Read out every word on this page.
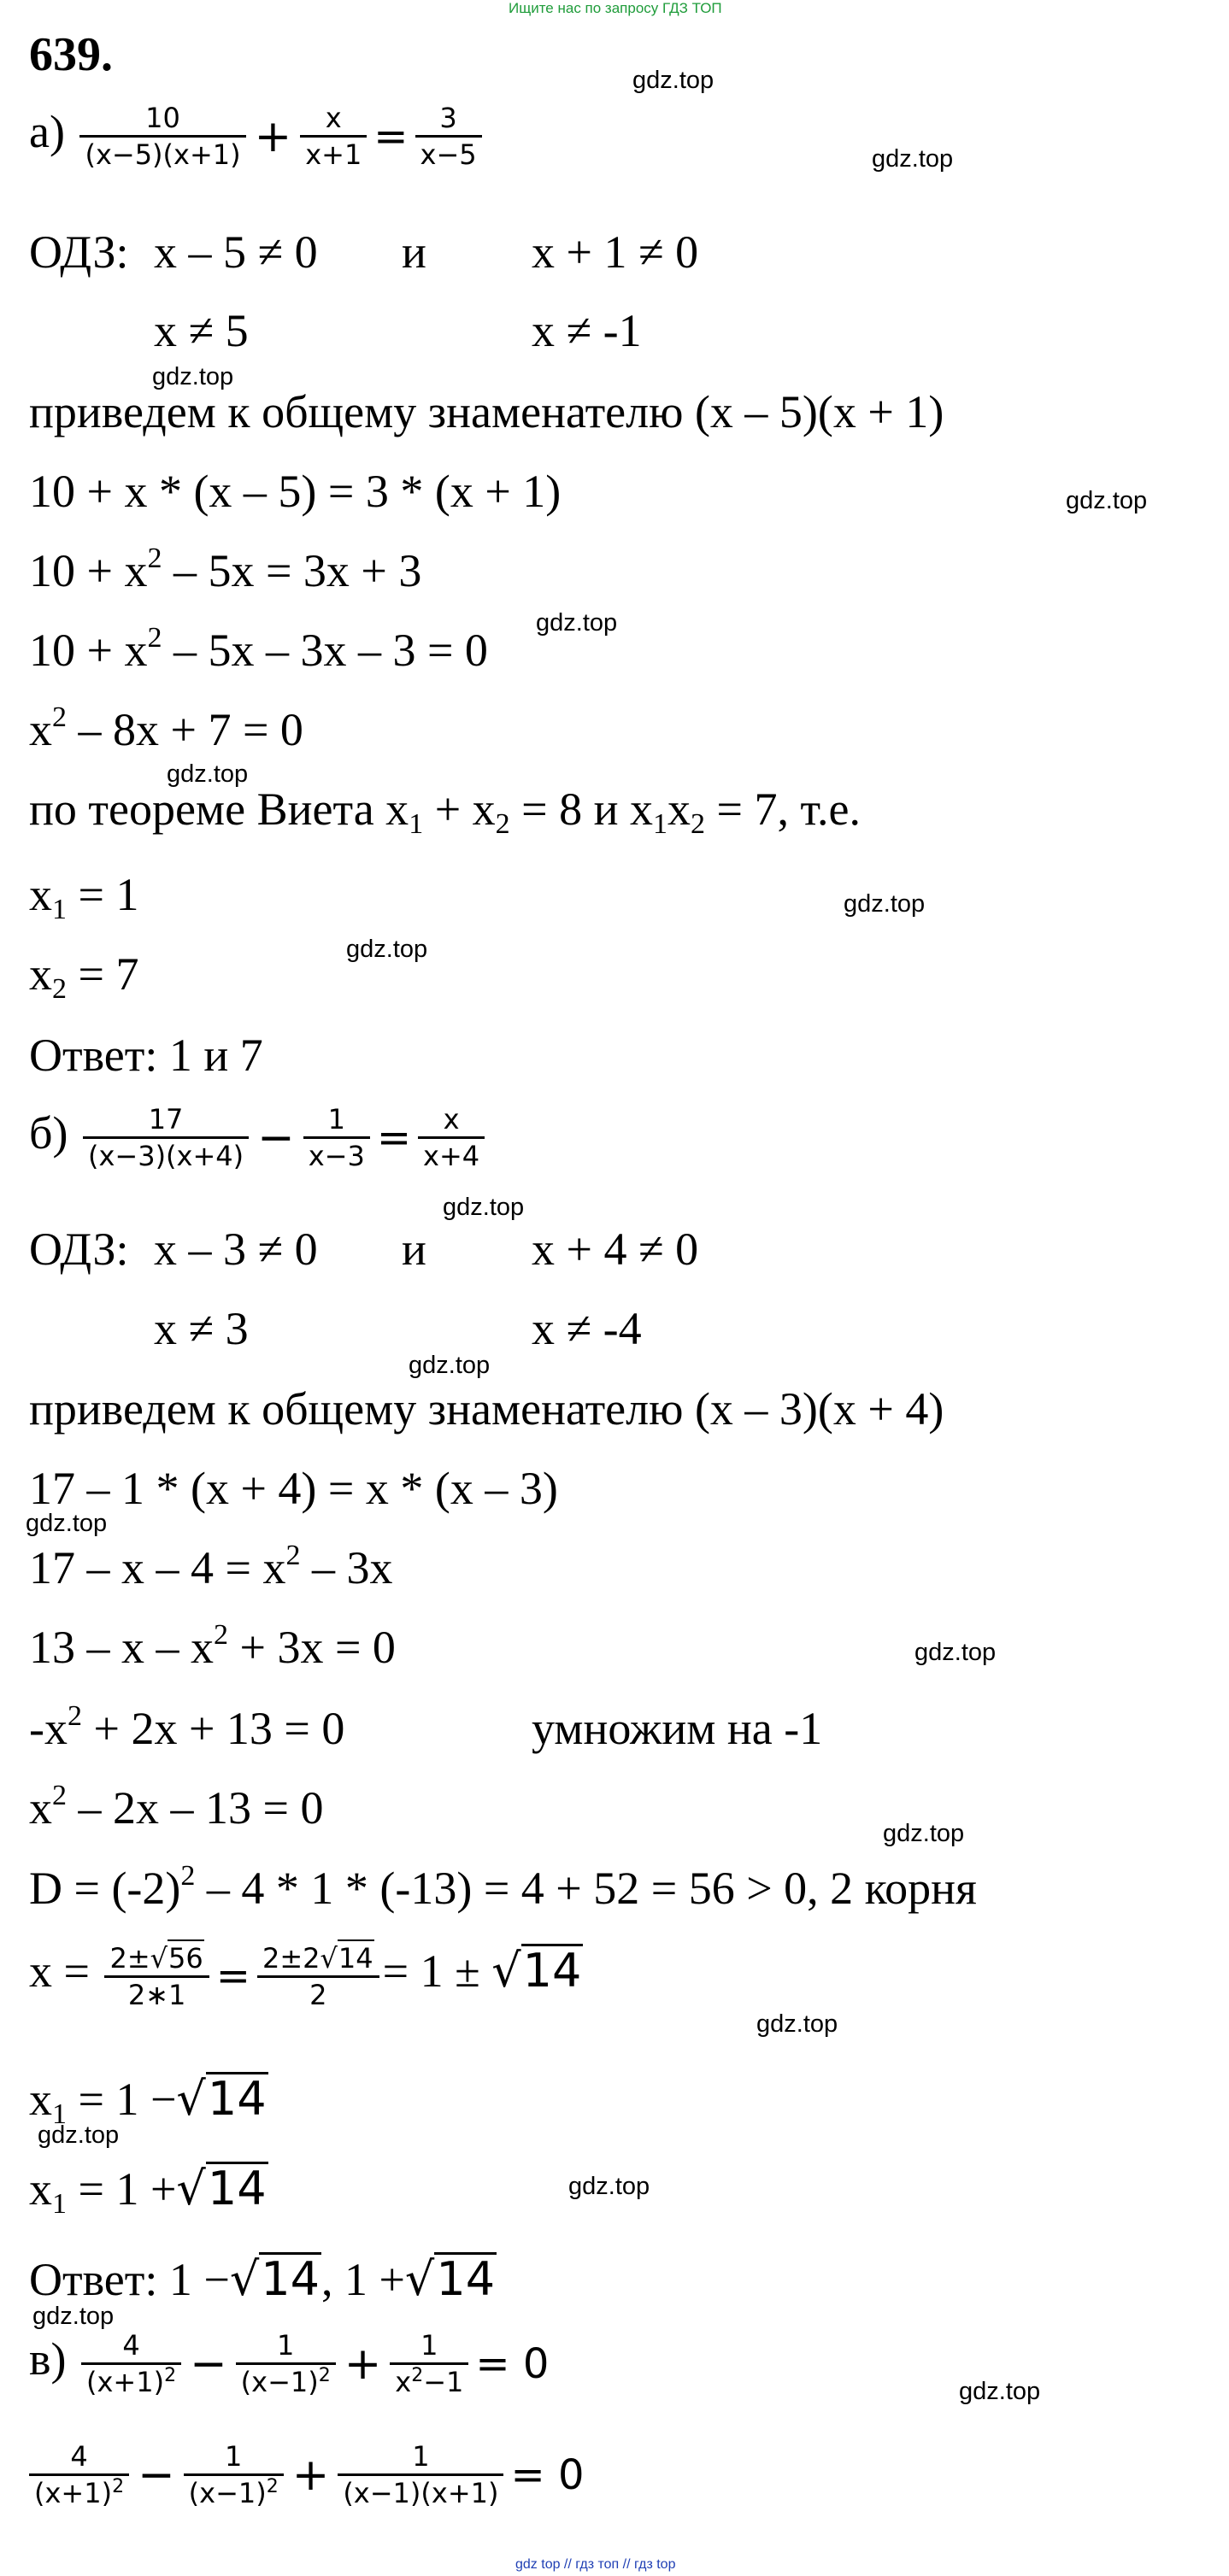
Ищите нас по запросу ГДЗ ТОП
639.
$а) \frac{10}{(x-5)(x+1)} + \frac{x}{x+1} = \frac{3}{x-5}$
ОДЗ: x – 5 ≠ 0 и x + 1 ≠ 0
x ≠ 5	x ≠ -1
приведем к общему знаменателю (x – 5)(x + 1)
10 + x * (x – 5) = 3 * (x + 1)
$10 + x^2 - 5x = 3x + 3$
$10 + x^2 - 5x - 3x - 3 = 0$
$x^2 - 8x + 7 = 0$
по теореме Виета $x_1 + x_2 = 8$ и $x_1x_2 = 7$, т.е.
$x_1 = 1$
$x_2 = 7$
Ответ: 1 и 7
$б) \frac{17}{(x-3)(x+4)} - \frac{1}{x-3} = \frac{x}{x+4}$
ОДЗ: x – 3 ≠ 0 и x + 4 ≠ 0
x ≠ 3	x ≠ -4
приведем к общему знаменателю (x – 3)(x + 4)
17 – 1 * (x + 4) = x * (x – 3)
$17 - x - 4 = x^2 - 3x$
$13 - x - x^2 + 3x = 0$
$-x^2 + 2x + 13 = 0$	умножим на -1
$x^2 - 2x - 13 = 0$
$D = (-2)^2 - 4 * 1 * (-13) = 4 + 52 = 56 > 0$, 2 корня
$x = \frac{2\pm√56}{2∗1} = \frac{2\pm 2√14}{2} = 1 \pm √14$
$x_1 = 1 -√14$
$x_1 = 1 +√14$
Ответ: 1 −√14, 1 +√14
$в) \frac{4}{(x+1)^2} - \frac{1}{(x-1)^2} + \frac{1}{x^2-1} = 0$
$\frac{4}{(x+1)^2} - \frac{1}{(x-1)^2} + \frac{1}{(x-1)(x+1)} = 0$
gdz.top
gdz.top
gdz.top
gdz.top
gdz.top
gdz.top
gdz.top
gdz.top
gdz.top
gdz.top
gdz.top
gdz.top
gdz.top
gdz.top
gdz.top
gdz.top
gdz.top
gdz.top
gdz top // гдз топ // гдз top
